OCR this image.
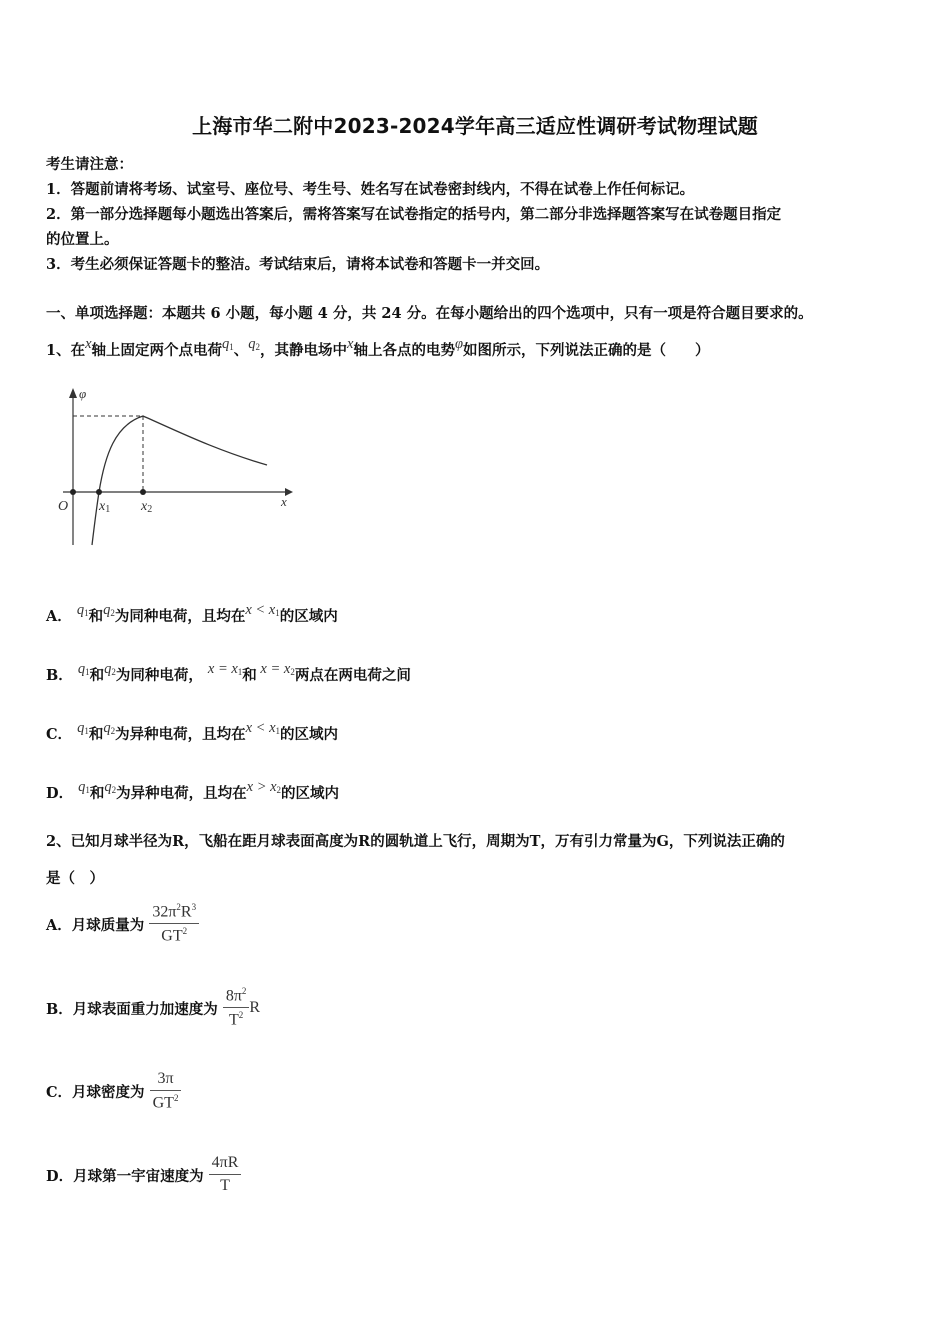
上海市华二附中2023-2024学年高三适应性调研考试物理试题
考生请注意：
1．答题前请将考场、试室号、座位号、考生号、姓名写在试卷密封线内，不得在试卷上作任何标记。
2．第一部分选择题每小题选出答案后，需将答案写在试卷指定的括号内，第二部分非选择题答案写在试卷题目指定
的位置上。
3．考生必须保证答题卡的整洁。考试结束后，请将本试卷和答题卡一并交回。
一、单项选择题：本题共 6 小题，每小题 4 分，共 24 分。在每小题给出的四个选项中，只有一项是符合题目要求的。
1、在x轴上固定两个点电荷q1、q2，其静电场中x轴上各点的电势φ如图所示，下列说法正确的是（　　）
φ
x
O x1 x2
A． q1和q2为同种电荷，且均在x < x1的区域内
B． q1和q2为同种电荷， x = x1和 x = x2两点在两电荷之间
C． q1和q2为异种电荷，且均在x < x1的区域内
D． q1和q2为异种电荷，且均在x > x2的区域内
2、已知月球半径为R，飞船在距月球表面高度为R的圆轨道上飞行，周期为T，万有引力常量为G，下列说法正确的
是（　）
A．月球质量为 $\frac{32\pi^2R^3}{GT^2}$
B．月球表面重力加速度为 $\frac{8\pi^2}{T^2}$ R
C．月球密度为 $\frac{3\pi}{GT^2}$
D．月球第一宇宙速度为 $\frac{4\pi R}{T}$
